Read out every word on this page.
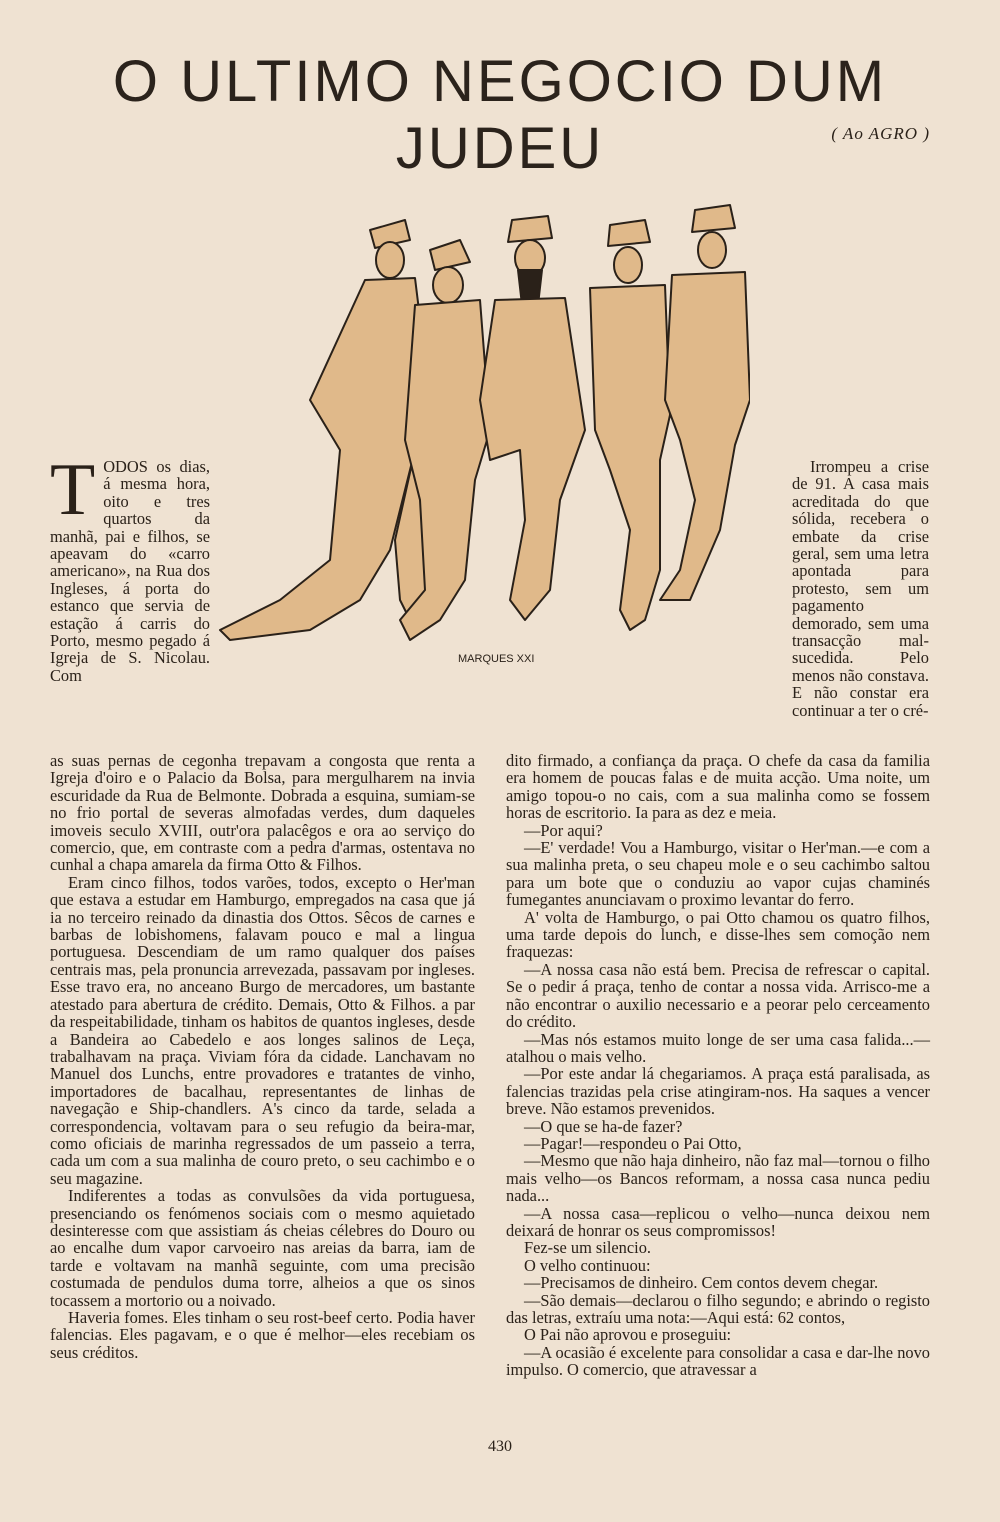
O ULTIMO NEGOCIO DUM JUDEU	( Ao AGRO )
MARQUES XXI

TODOS os dias, á mesma hora, oito e tres quartos da manhã, pai e filhos, se apeavam do «carro americano», na Rua dos Ingleses, á porta do estanco que servia de estação á carris do Porto, mesmo pegado á Igreja de S. Nicolau. Com

Irrompeu a crise de 91. A casa mais acreditada do que sólida, recebera o embate da crise geral, sem uma letra apontada para protesto, sem um pagamento demorado, sem uma transacção mal-sucedida. Pelo menos não constava. E não constar era continuar a ter o cré-

as suas pernas de cegonha trepavam a congosta que renta a Igreja d'oiro e o Palacio da Bolsa, para mergulharem na invia escuridade da Rua de Belmonte. Dobrada a esquina, sumiam-se no frio portal de severas almofadas verdes, dum daqueles imoveis seculo XVIII, outr'ora palacêgos e ora ao serviço do comercio, que, em contraste com a pedra d'armas, ostentava no cunhal a chapa amarela da firma Otto & Filhos.

Eram cinco filhos, todos varões, todos, excepto o Her'man que estava a estudar em Hamburgo, empregados na casa que já ia no terceiro reinado da dinastia dos Ottos. Sêcos de carnes e barbas de lobishomens, falavam pouco e mal a lingua portuguesa. Descendiam de um ramo qualquer dos países centrais mas, pela pronuncia arrevezada, passavam por ingleses. Esse travo era, no anceano Burgo de mercadores, um bastante atestado para abertura de crédito. Demais, Otto & Filhos. a par da respeitabilidade, tinham os habitos de quantos ingleses, desde a Bandeira ao Cabedelo e aos longes salinos de Leça, trabalhavam na praça. Viviam fóra da cidade. Lanchavam no Manuel dos Lunchs, entre provadores e tratantes de vinho, importadores de bacalhau, representantes de linhas de navegação e Ship-chandlers. A's cinco da tarde, selada a correspondencia, voltavam para o seu refugio da beira-mar, como oficiais de marinha regressados de um passeio a terra, cada um com a sua malinha de couro preto, o seu cachimbo e o seu magazine.

Indiferentes a todas as convulsões da vida portuguesa, presenciando os fenómenos sociais com o mesmo aquietado desinteresse com que assistiam ás cheias célebres do Douro ou ao encalhe dum vapor carvoeiro nas areias da barra, iam de tarde e voltavam na manhã seguinte, com uma precisão costumada de pendulos duma torre, alheios a que os sinos tocassem a mortorio ou a noivado.

Haveria fomes. Eles tinham o seu rost-beef certo. Podia haver falencias. Eles pagavam, e o que é melhor—eles recebiam os seus créditos.

dito firmado, a confiança da praça. O chefe da casa da familia era homem de poucas falas e de muita acção. Uma noite, um amigo topou-o no cais, com a sua malinha como se fossem horas de escritorio. Ia para as dez e meia.

—Por aqui?

—E' verdade! Vou a Hamburgo, visitar o Her'man.—e com a sua malinha preta, o seu chapeu mole e o seu cachimbo saltou para um bote que o conduziu ao vapor cujas chaminés fumegantes anunciavam o proximo levantar do ferro.

A' volta de Hamburgo, o pai Otto chamou os quatro filhos, uma tarde depois do lunch, e disse-lhes sem comoção nem fraquezas:

—A nossa casa não está bem. Precisa de refrescar o capital. Se o pedir á praça, tenho de contar a nossa vida. Arrisco-me a não encontrar o auxilio necessario e a peorar pelo cerceamento do crédito.

—Mas nós estamos muito longe de ser uma casa falida...—atalhou o mais velho.

—Por este andar lá chegariamos. A praça está paralisada, as falencias trazidas pela crise atingiram-nos. Ha saques a vencer breve. Não estamos prevenidos.

—O que se ha-de fazer?

—Pagar!—respondeu o Pai Otto,

—Mesmo que não haja dinheiro, não faz mal—tornou o filho mais velho—os Bancos reformam, a nossa casa nunca pediu nada...

—A nossa casa—replicou o velho—nunca deixou nem deixará de honrar os seus compromissos!

Fez-se um silencio.

O velho continuou:

—Precisamos de dinheiro. Cem contos devem chegar.

—São demais—declarou o filho segundo; e abrindo o registo das letras, extraíu uma nota:—Aqui está: 62 contos,

O Pai não aprovou e proseguiu:

—A ocasião é excelente para consolidar a casa e dar-lhe novo impulso. O comercio, que atravessar a

430
